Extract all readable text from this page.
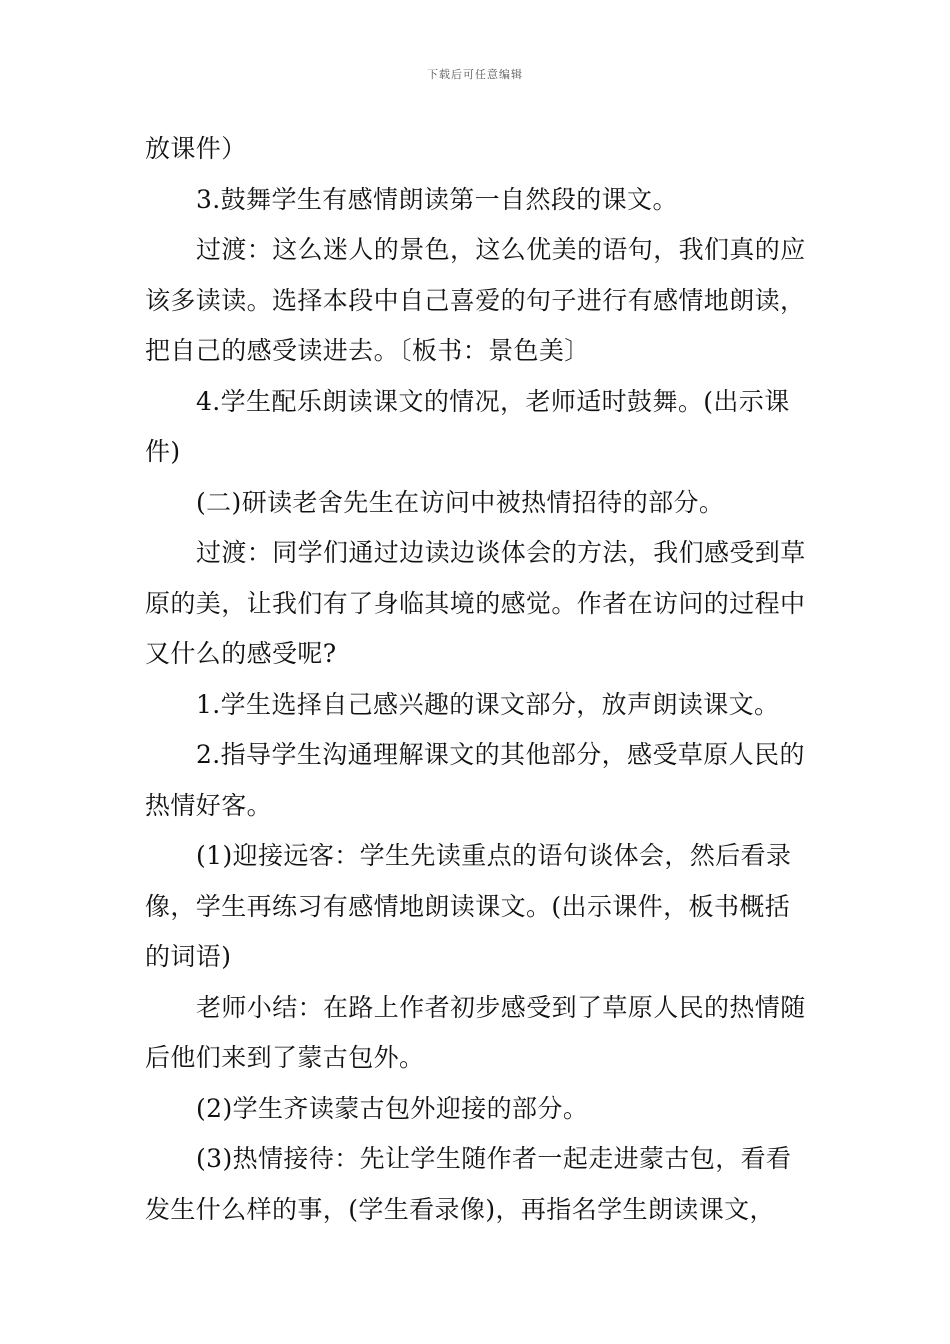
下载后可任意编辑

放课件）

3.鼓舞学生有感情朗读第一自然段的课文。

过渡：这么迷人的景色，这么优美的语句，我们真的应该多读读。选择本段中自己喜爱的句子进行有感情地朗读，把自己的感受读进去。〔板书：景色美〕

4.学生配乐朗读课文的情况，老师适时鼓舞。(出示课件)

(二)研读老舍先生在访问中被热情招待的部分。

过渡：同学们通过边读边谈体会的方法，我们感受到草原的美，让我们有了身临其境的感觉。作者在访问的过程中又什么的感受呢?

1.学生选择自己感兴趣的课文部分，放声朗读课文。

2.指导学生沟通理解课文的其他部分，感受草原人民的热情好客。

(1)迎接远客：学生先读重点的语句谈体会，然后看录像，学生再练习有感情地朗读课文。(出示课件，板书概括的词语)

老师小结：在路上作者初步感受到了草原人民的热情随后他们来到了蒙古包外。

(2)学生齐读蒙古包外迎接的部分。

(3)热情接待：先让学生随作者一起走进蒙古包，看看发生什么样的事，(学生看录像)，再指名学生朗读课文，
